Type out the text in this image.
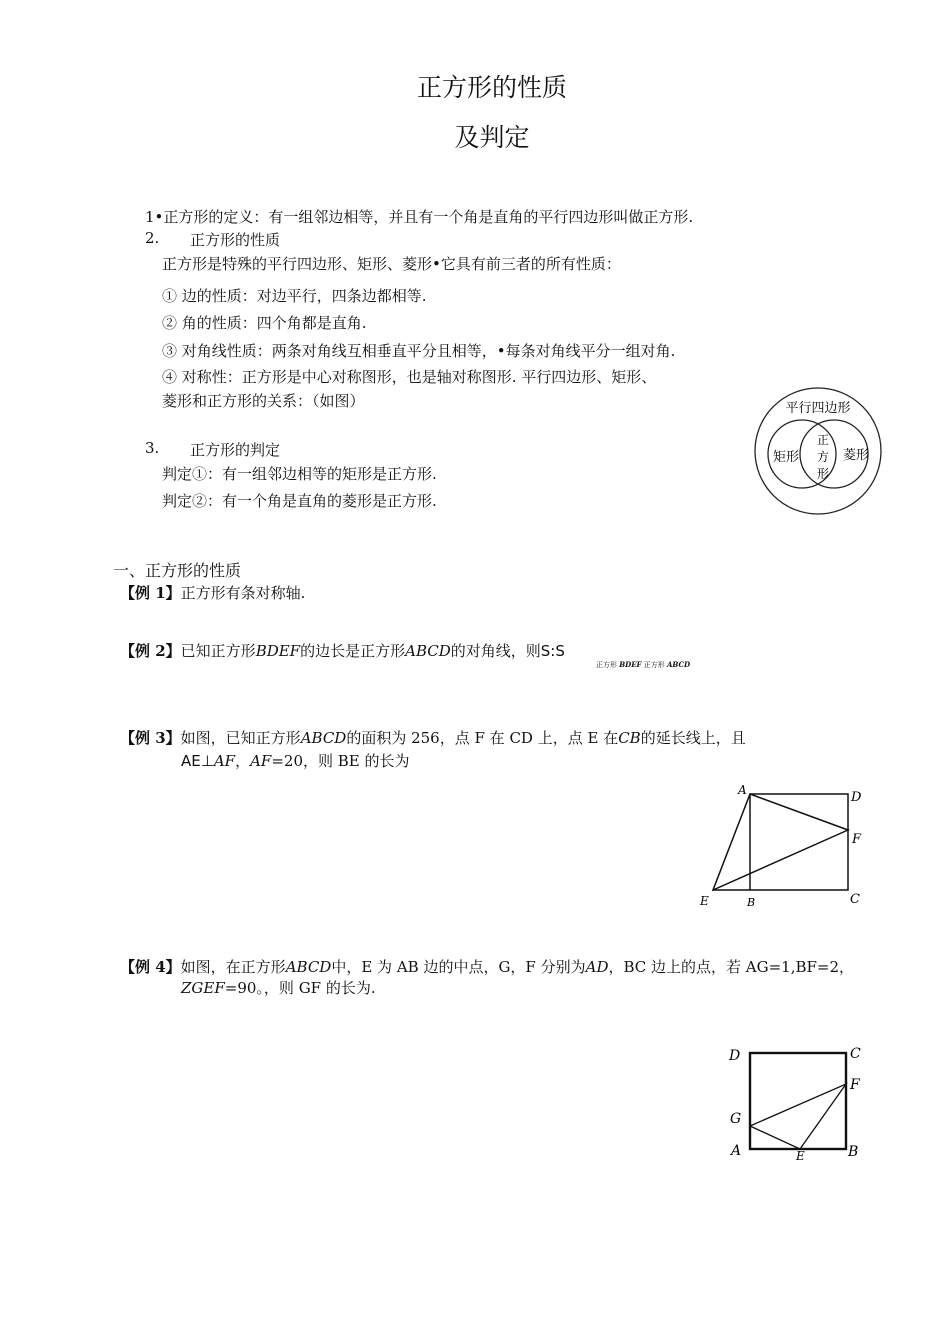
正方形的性质
及判定
1•正方形的定义：有一组邻边相等，并且有一个角是直角的平行四边形叫做正方形.
2. 正方形的性质
正方形是特殊的平行四边形、矩形、菱形•它具有前三者的所有性质：
① 边的性质：对边平行，四条边都相等.
② 角的性质：四个角都是直角.
③ 对角线性质：两条对角线互相垂直平分且相等，•每条对角线平分一组对角.
④ 对称性：正方形是中心对称图形，也是轴对称图形. 平行四边形、矩形、
菱形和正方形的关系：（如图）
3. 正方形的判定
判定①：有一组邻边相等的矩形是正方形.
判定②：有一个角是直角的菱形是正方形.
平行四边形
矩形	菱形
正
方
形
一、正方形的性质
【例 1】正方形有条对称轴.
【例 2】已知正方形BDEF的边长是正方形ABCD的对角线，则S:S
正方形 BDEF 正方形 ABCD
【例 3】如图，已知正方形ABCD的面积为 256，点 F 在 CD 上，点 E 在CB的延长线上，且
AE⊥AF，AF=20，则 BE 的长为
A	D
F
E	B	C
【例 4】如图，在正方形ABCD中，E 为 AB 边的中点，G，F 分别为AD，BC 边上的点，若 AG=1,BF=2，
ZGEF=90。，则 GF 的长为.
D	C
F
G
A	E	B
